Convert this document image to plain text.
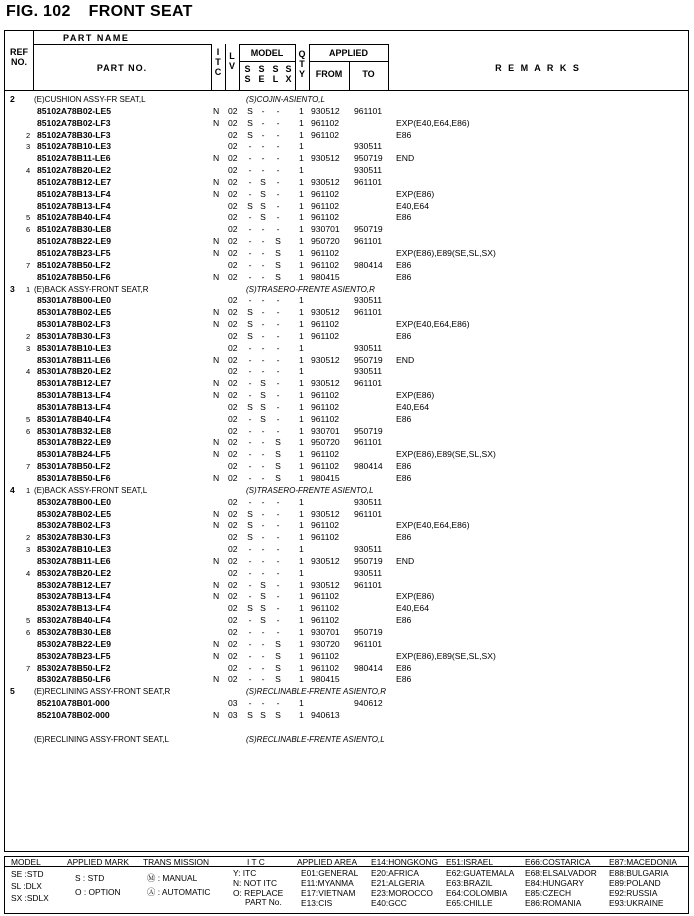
FIG. 102 FRONT SEAT
PART NAME
REF NO.
PART NO.
I T C
L V
MODEL
S S
S E
S L
S X
Q T Y
APPLIED
FROM	TO
R E M A R K S
2 (E)CUSHION ASSY-FR SEAT,L	(S)COJIN-ASIENTO,L
85102A78B02-LE5	N 02	S	-	-	1 930512 961101
85102A78B02-LF3	N 02	S	-	-	1 961102	EXP(E40,E64,E86)
2 85102A78B30-LF3	02	S	-	-	1 961102	E86
3 85102A78B10-LE3	02	-	-	-	1	930511
85102A78B11-LE6	N 02	-	-	-	1 930512 950719 END
4 85102A78B20-LE2	02	-	-	-	1	930511
85102A78B12-LE7	N 02	-	S	-	1 930512 961101
85102A78B13-LF4	N 02	-	S	-	1 961102	EXP(E86)
85102A78B13-LF4	02	S S	-	1 961102	E40,E64
5 85102A78B40-LF4	02	-	S	-	1 961102	E86
6 85102A78B30-LE8	02	-	-	-	1 930701 950719
85102A78B22-LE9	N 02	-	-	S	1 950720 961101
85102A78B23-LF5	N 02	-	-	S	1 961102	EXP(E86),E89(SE,SL,SX)
7 85102A78B50-LF2	02	-	-	S	1 961102 980414 E86
85102A78B50-LF6	N 02	-	-	S	1 980415	E86
3 1 (E)BACK ASSY-FRONT SEAT,R	(S)TRASERO-FRENTE ASIENTO,R
85301A78B00-LE0	02	-	-	-	1	930511
85301A78B02-LE5	N 02	S	-	-	1 930512 961101
85301A78B02-LF3	N 02	S	-	-	1 961102	EXP(E40,E64,E86)
2 85301A78B30-LF3	02	S	-	-	1 961102	E86
3 85301A78B10-LE3	02	-	-	-	1	930511
85301A78B11-LE6	N 02	-	-	-	1 930512 950719 END
4 85301A78B20-LE2	02	-	-	-	1	930511
85301A78B12-LE7	N 02	-	S	-	1 930512 961101
85301A78B13-LF4	N 02	-	S	-	1 961102	EXP(E86)
85301A78B13-LF4	02	S S	-	1 961102	E40,E64
5 85301A78B40-LF4	02	-	S	-	1 961102	E86
6 85301A78B32-LE8	02	-	-	-	1 930701 950719
85301A78B22-LE9	N 02	-	-	S	1 950720 961101
85301A78B24-LF5	N 02	-	-	S	1 961102	EXP(E86),E89(SE,SL,SX)
7 85301A78B50-LF2	02	-	-	S	1 961102 980414 E86
85301A78B50-LF6	N 02	-	-	S	1 980415	E86
4 1 (E)BACK ASSY-FRONT SEAT,L	(S)TRASERO-FRENTE ASIENTO,L
85302A78B00-LE0	02	-	-	-	1	930511
85302A78B02-LE5	N 02	S	-	-	1 930512 961101
85302A78B02-LF3	N 02	S	-	-	1 961102	EXP(E40,E64,E86)
2 85302A78B30-LF3	02	S	-	-	1 961102	E86
3 85302A78B10-LE3	02	-	-	-	1	930511
85302A78B11-LE6	N 02	-	-	-	1 930512 950719 END
4 85302A78B20-LE2	02	-	-	-	1	930511
85302A78B12-LE7	N 02	-	S	-	1 930512 961101
85302A78B13-LF4	N 02	-	S	-	1 961102	EXP(E86)
85302A78B13-LF4	02	S S	-	1 961102	E40,E64
5 85302A78B40-LF4	02	-	S	-	1 961102	E86
6 85302A78B30-LE8	02	-	-	-	1 930701 950719
85302A78B22-LE9	N 02	-	-	S	1 930720 961101
85302A78B23-LF5	N 02	-	-	S	1 961102	EXP(E86),E89(SE,SL,SX)
7 85302A78B50-LF2	02	-	-	S	1 961102 980414 E86
85302A78B50-LF6	N 02	-	-	S	1 980415	E86
5 (E)RECLINING ASSY-FRONT SEAT,R	(S)RECLINABLE-FRENTE ASIENTO,R
85210A78B01-000	03	-	-	-	1	940612
85210A78B02-000	N 03	S S	S	1 940613
(E)RECLINING ASSY-FRONT SEAT,L	(S)RECLINABLE-FRENTE ASIENTO,L
MODEL
SE :STD
SL :DLX
SX :SDLX
APPLIED MARK
S : STD
O : OPTION
TRANS MISSION
Ⓜ : MANUAL
Ⓐ : AUTOMATIC
I T C
Y: ITC
N: NOT ITC
O: REPLACE
PART No.
APPLIED AREA
E01:GENERAL
E11:MYANMA
E17:VIETNAM
E13:CIS
E14:HONGKONG
E20:AFRICA
E21:ALGERIA
E23:MOROCCO
E40:GCC
E51:ISRAEL
E62:GUATEMALA
E63:BRAZIL
E64:COLOMBIA
E65:CHILLE
E66:COSTARICA
E68:ELSALVADOR
E84:HUNGARY
E85:CZECH
E86:ROMANIA
E87:MACEDONIA
E88:BULGARIA
E89:POLAND
E92:RUSSIA
E93:UKRAINE
